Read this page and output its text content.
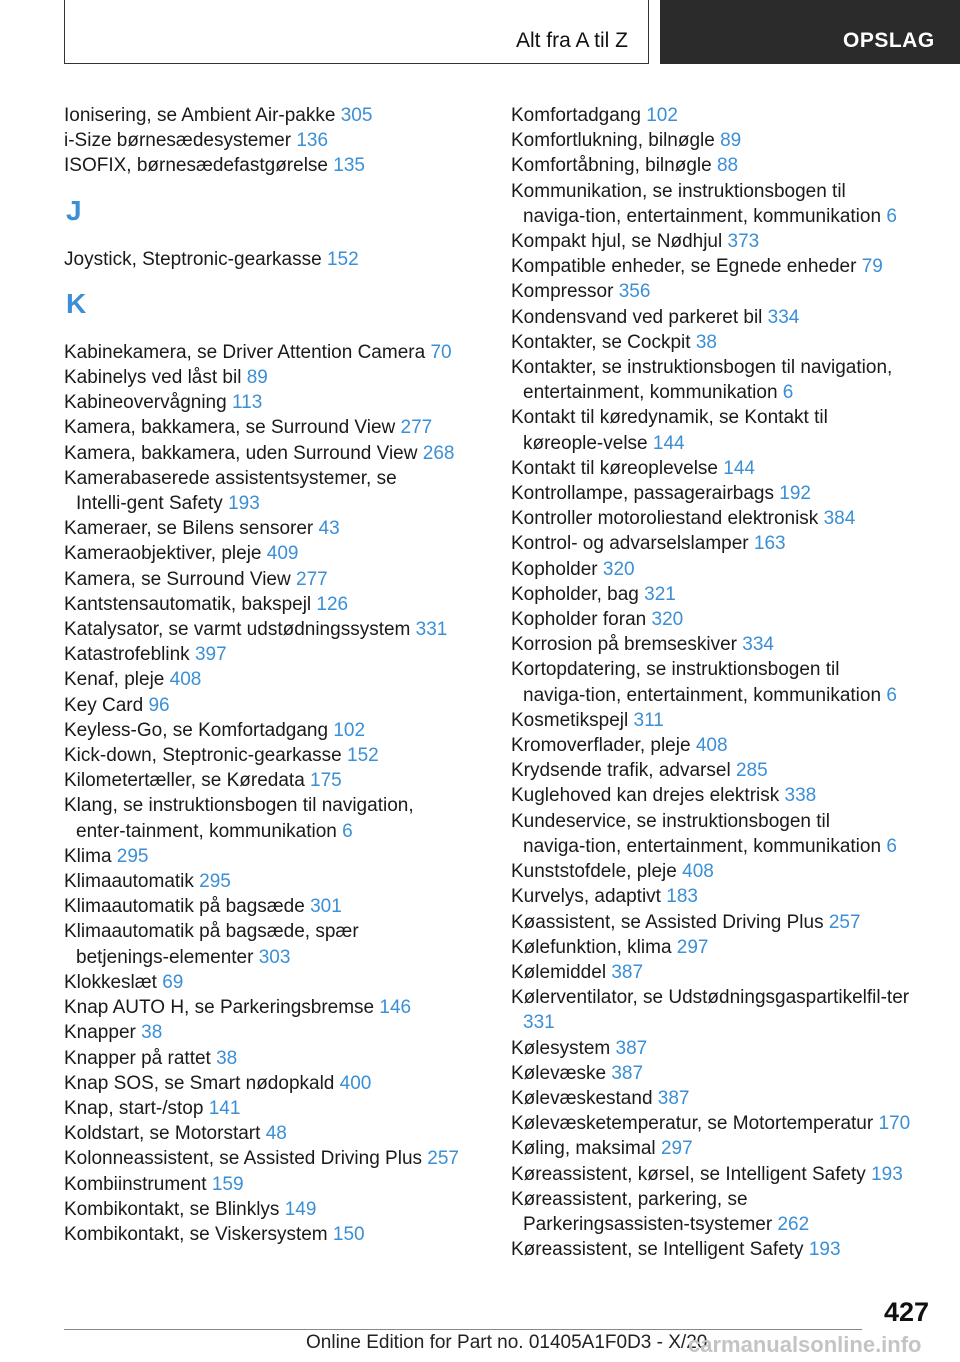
Alt fra A til Z	OPSLAG
Ionisering, se Ambient Air-pakke 305
i-Size børnesædesystemer 136
ISOFIX, børnesædefastgørelse 135
J
Joystick, Steptronic-gearkasse 152
K
Kabinekamera, se Driver Attention Camera 70
Kabinelys ved låst bil 89
Kabineovervågning 113
Kamera, bakkamera, se Surround View 277
Kamera, bakkamera, uden Surround View 268
Kamerabaserede assistentsystemer, se Intelli‑gent Safety 193
Kameraer, se Bilens sensorer 43
Kameraobjektiver, pleje 409
Kamera, se Surround View 277
Kantstensautomatik, bakspejl 126
Katalysator, se varmt udstødningssystem 331
Katastrofeblink 397
Kenaf, pleje 408
Key Card 96
Keyless-Go, se Komfortadgang 102
Kick-down, Steptronic-gearkasse 152
Kilometertæller, se Køredata 175
Klang, se instruktionsbogen til navigation, enter‑tainment, kommunikation 6
Klima 295
Klimaautomatik 295
Klimaautomatik på bagsæde 301
Klimaautomatik på bagsæde, spær betjenings‑elementer 303
Klokkeslæt 69
Knap AUTO H, se Parkeringsbremse 146
Knapper 38
Knapper på rattet 38
Knap SOS, se Smart nødopkald 400
Knap, start-/stop 141
Koldstart, se Motorstart 48
Kolonneassistent, se Assisted Driving Plus 257
Kombiinstrument 159
Kombikontakt, se Blinklys 149
Kombikontakt, se Viskersystem 150
Komfortadgang 102
Komfortlukning, bilnøgle 89
Komfortåbning, bilnøgle 88
Kommunikation, se instruktionsbogen til naviga‑tion, entertainment, kommunikation 6
Kompakt hjul, se Nødhjul 373
Kompatible enheder, se Egnede enheder 79
Kompressor 356
Kondensvand ved parkeret bil 334
Kontakter, se Cockpit 38
Kontakter, se instruktionsbogen til navigation, entertainment, kommunikation 6
Kontakt til køredynamik, se Kontakt til køreople‑velse 144
Kontakt til køreoplevelse 144
Kontrollampe, passagerairbags 192
Kontroller motoroliestand elektronisk 384
Kontrol- og advarselslamper 163
Kopholder 320
Kopholder, bag 321
Kopholder foran 320
Korrosion på bremseskiver 334
Kortopdatering, se instruktionsbogen til naviga‑tion, entertainment, kommunikation 6
Kosmetikspejl 311
Kromoverflader, pleje 408
Krydsende trafik, advarsel 285
Kuglehoved kan drejes elektrisk 338
Kundeservice, se instruktionsbogen til naviga‑tion, entertainment, kommunikation 6
Kunststofdele, pleje 408
Kurvelys, adaptivt 183
Køassistent, se Assisted Driving Plus 257
Kølefunktion, klima 297
Kølemiddel 387
Kølerventilator, se Udstødningsgaspartikelfil‑ter 331
Kølesystem 387
Kølevæske 387
Kølevæskestand 387
Kølevæsketemperatur, se Motortemperatur 170
Køling, maksimal 297
Køreassistent, kørsel, se Intelligent Safety 193
Køreassistent, parkering, se Parkeringsassisten‑tsystemer 262
Køreassistent, se Intelligent Safety 193
427
Online Edition for Part no. 01405A1F0D3 - X/20
carmanualsonline.info
